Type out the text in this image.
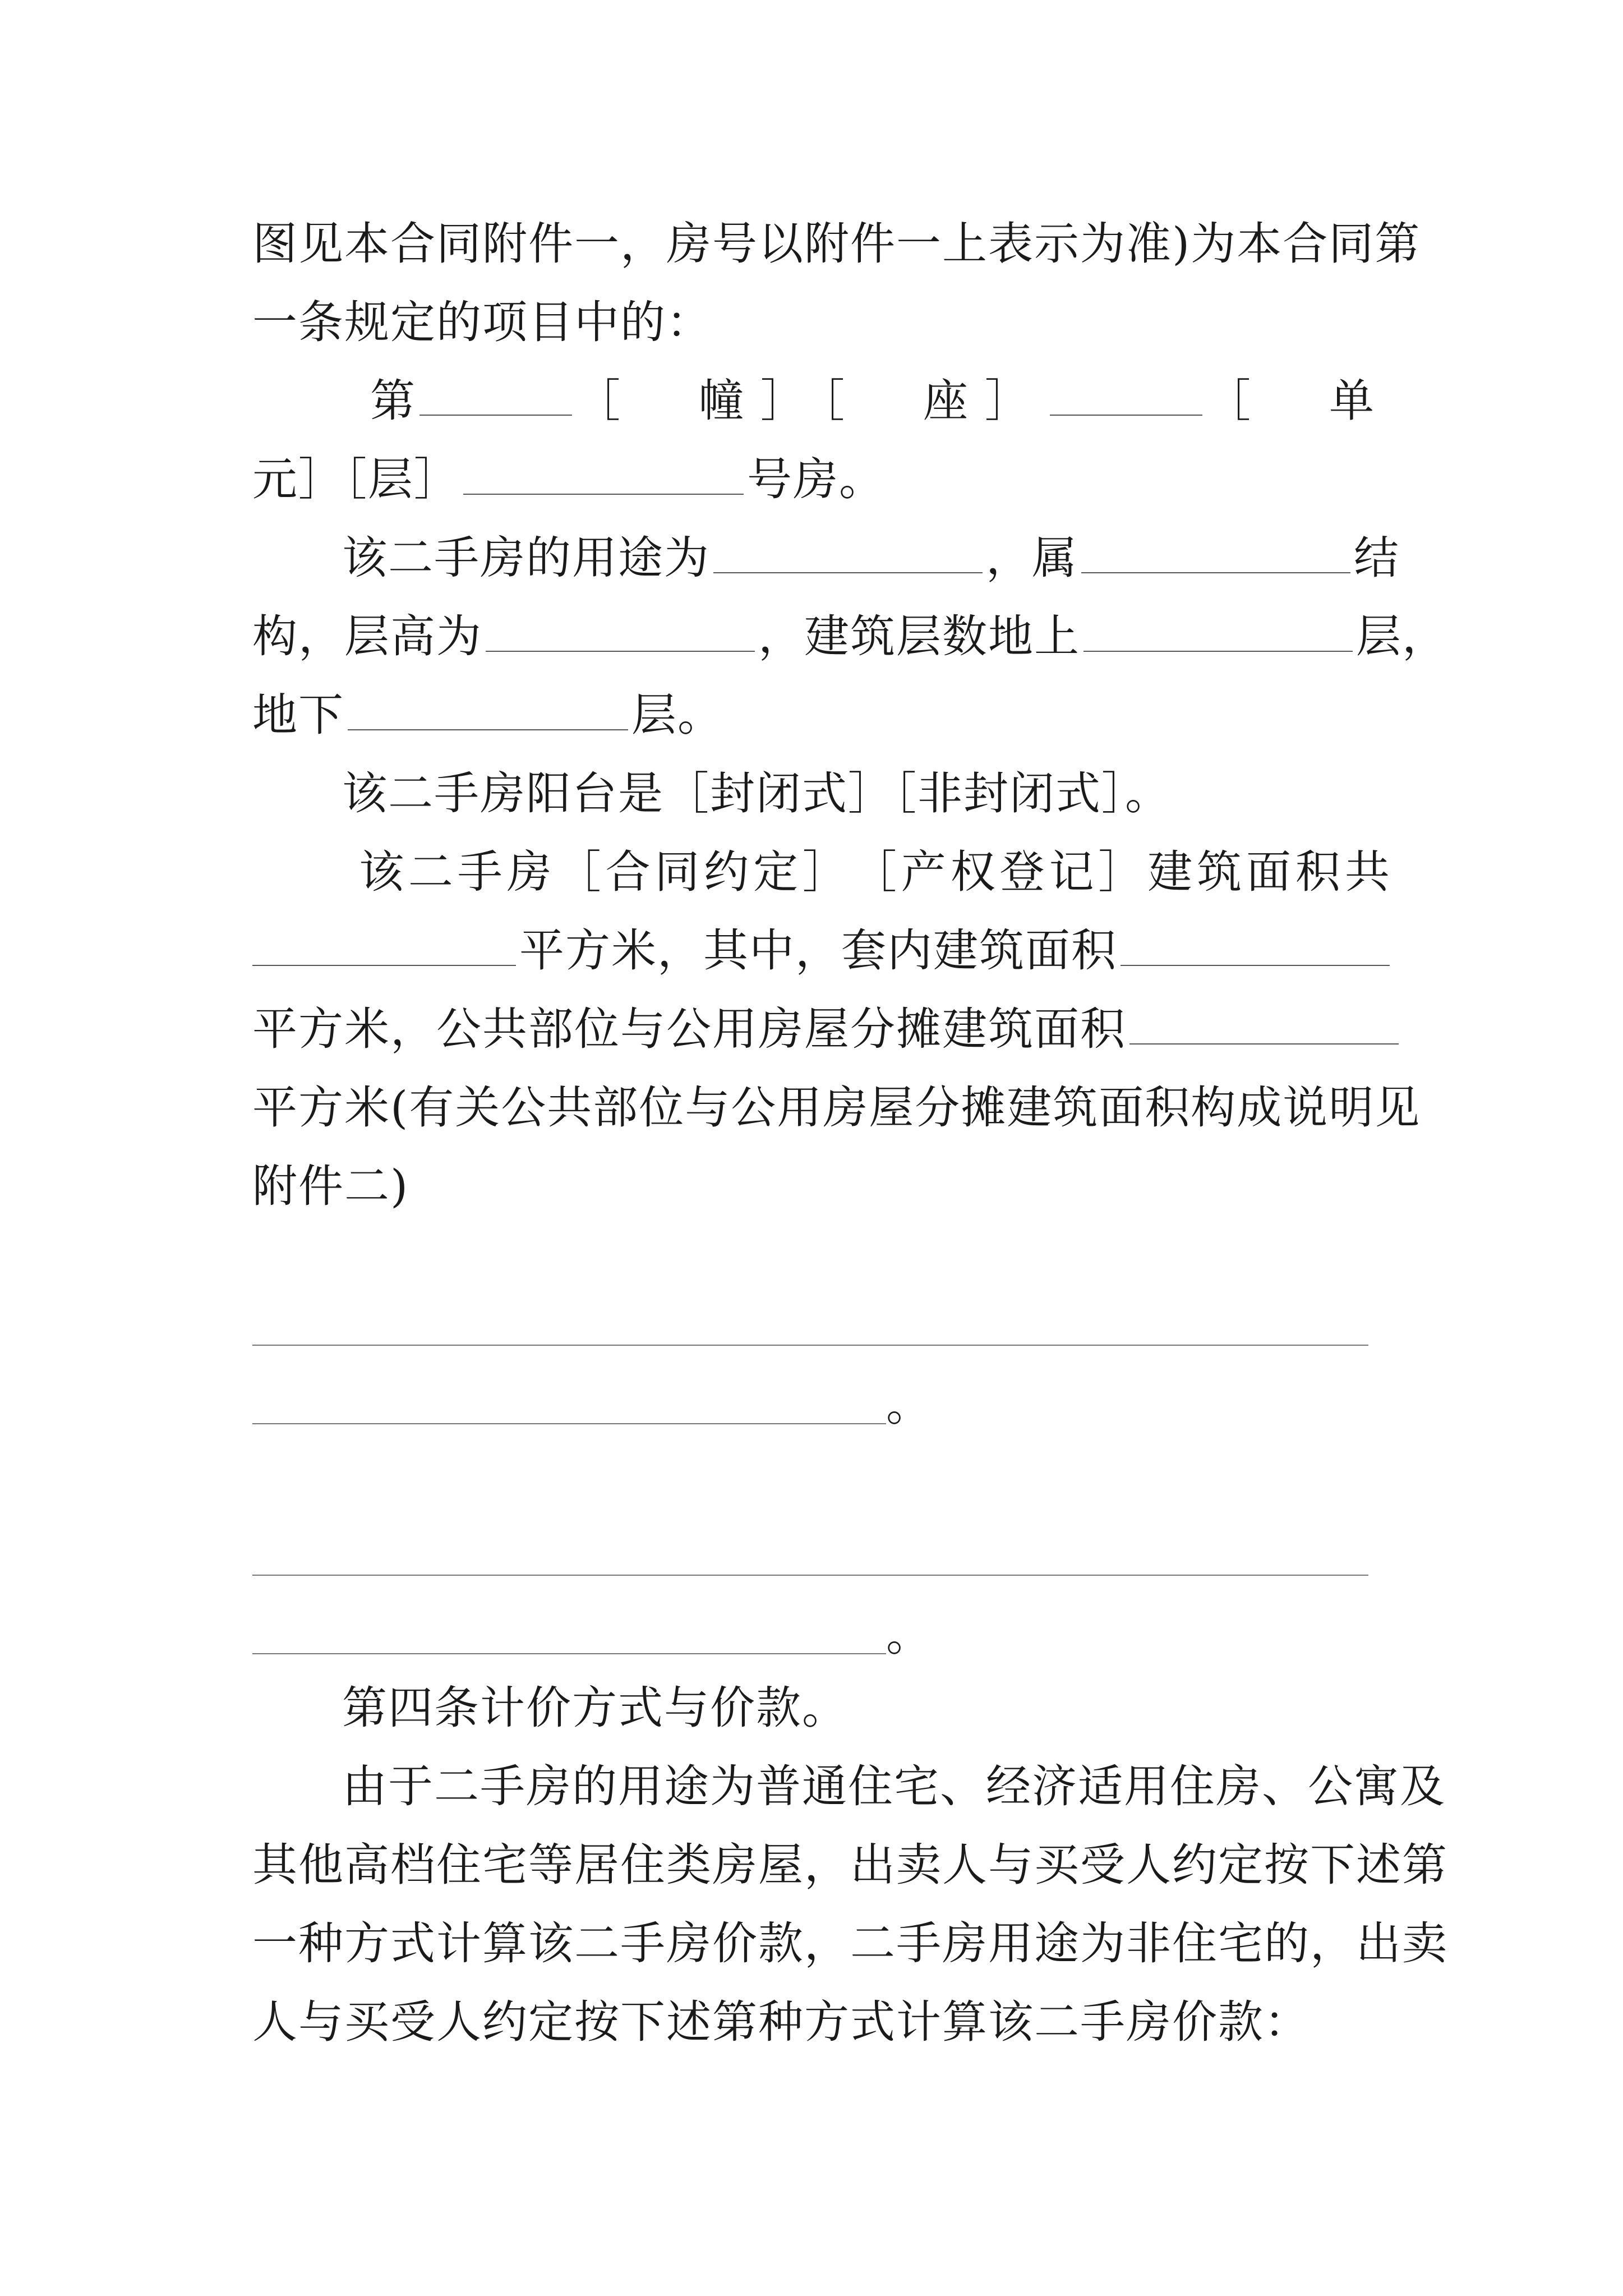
图见本合同附件一，房号以附件一上表示为准)为本合同第
一条规定的项目中的：
第	［　幢］［　座］	［　单
元］［层］	号房。
该二手房的用途为	，属	结
构，层高为	，建筑层数地上	层，
地下	层。
该二手房阳台是［封闭式］［非封闭式］。
该 二 手 房 ［ 合 同 约 定 ］ ［ 产 权 登 记 ］ 建 筑 面 积 共
平方米，其中，套内建筑面积
平方米，公共部位与公用房屋分摊建筑面积
平方米(有关公共部位与公用房屋分摊建筑面积构成说明见
附件二)
。
。
第四条计价方式与价款。
由于二手房的用途为普通住宅、经济适用住房、公寓及
其他高档住宅等居住类房屋，出卖人与买受人约定按下述第
一种方式计算该二手房价款，二手房用途为非住宅的，出卖
人与买受人约定按下述第种方式计算该二手房价款：
